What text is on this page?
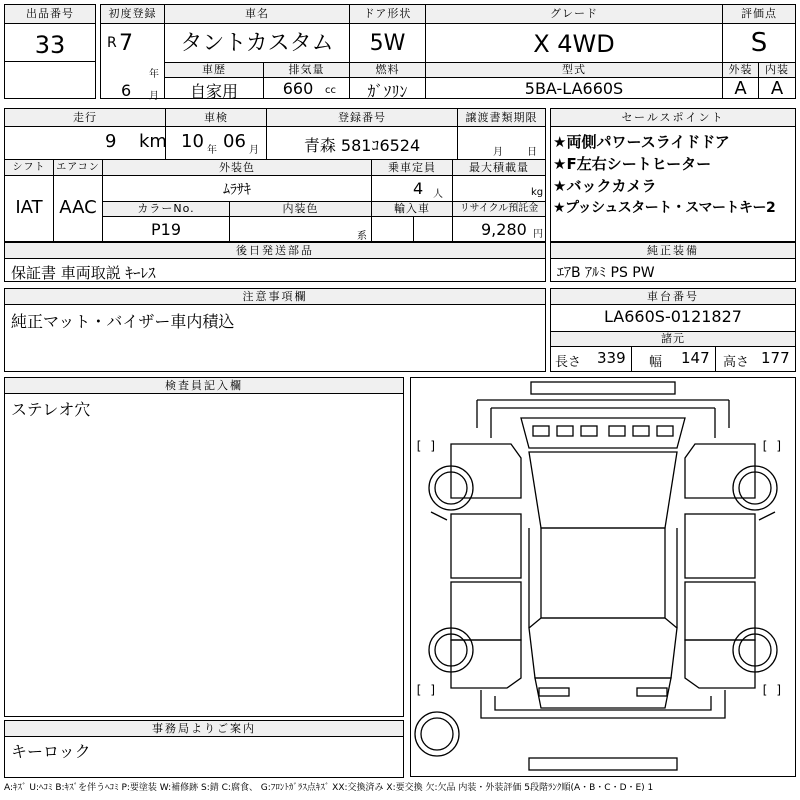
出品番号
33
初度登録	車名	ドア形状	グレード	評価点
R 7
年
6 月
タントカスタム	5W	X 4WD	S
車歴	排気量	燃料	型式	外装	内装
自家用	660	cc	ｶﾞｿﾘﾝ	5BA-LA660S	A	A
走行	車検	登録番号	譲渡書類期限
9 km 10 年 06 月	青森 581ｺ6524	月 日
シフト	エアコン	外装色	乗車定員	最大積載量
IAT AAC
ﾑﾗｻｷ	4 人	kg
カラーNo.	内装色	輸入車	リサイクル預託金
P19	系	9,280 円
後日発送部品
保証書 車両取説 ｷｰﾚｽ
セールスポイント
★両側パワースライドドア
★F左右シートヒーター
★バックカメラ
★プッシュスタート・スマートキー2
純正装備
ｴｱB ｱﾙﾐ PS PW
注意事項欄
純正マット・バイザー車内積込
車台番号
LA660S-0121827
諸元
長さ 339 幅 147 高さ 177
検査員記入欄
ステレオ穴
事務局よりご案内
キーロック
[ ]	[ ]
[ ]	[ ]
A:ｷｽﾞ U:ﾍｺﾐ B:ｷｽﾞを伴うﾍｺﾐ P:要塗装 W:補修跡 S:錆 C:腐食、 G:ﾌﾛﾝﾄｶﾞﾗｽ点ｷｽﾞ XX:交換済み X:要交換 欠:欠品 内装・外装評価 5段階ﾗﾝｸ順(A・B・C・D・E) 1
